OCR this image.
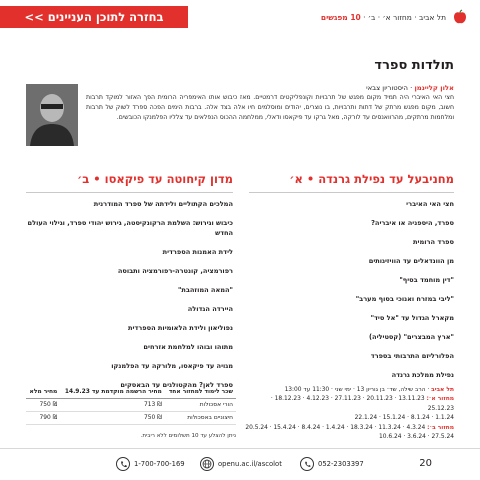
בחזרה לתוכן העניינים >>	תל אביב · מחזור א׳ · ב׳ · 10 מפגשים
תולדות ספרד
אלון קליינמן · היסטוריון צבאי
חצי האי האיברי היה תמיד מקום מפגש של תרבויות וקונפליקטים דרמטיים. מאז כיבוש אותו האימפריה הרומית הפך האזור למוקד תרבות חשוב, מקום מפגש מרתק של דתות ותרבויות, בו נוצרים, יהודים ומוסלמים חיו אלה בצד אלה. ברבות הימים הפכה ספרד לשוק של תרבות ומלחמות מרתקים, מהרוואנסים עד לורקה, מאל גרקו עד פיקאסו ודאלי, ממלחמה ההכוס הנפלאים עד צלליו הפלמנקו הכובשים.
מחניבעל עד נפילת גרנדה • א׳
חצי האי האיברי
ספרד, היספניה או איבריה?
ספרד הרומית
מן הוונדאלים עד הוויזיגותים
"דין מוחמד בסיף"
"ליבי במזרח ואנוכי בסוף מערב"
מקארל הגדול עד "אל סיד"
"ארץ המבצרים" (קסטיליה)
הפלורליזם התרבותי בספרד
נפילת ממלכת גרנדה
מדון קיחוטה עד פיקאסו • ב׳
המלכים הקתוליים ולידתה של ספרד המודרנית
כיבוש וגירוש: השלמת הרקונקיסטה, גירוש יהודי ספרד, וגילוי העולם החדש
לידת האמנות הספרדית
רפורמציה, קונטרה-רפורמציה ותבוסה
"המאה המוזהבת"
היירדה הגדולה
נפוליאון ולידת הלאומיות הספרדית
מתוהו ובוהו למלחמת אזרחים
מגויה עד פיקאסו, מלורקה עד הפלמנקו
ספרד לאן? מהקטולגים עד הבאסקים
תל אביב · הרב שילה, שד׳ בן גוריון 13 · ימי שני · 11:30 עד 13:00
מחזור א׳: 13.11.23 · 20.11.23 · 27.11.23 · 4.12.23 · 18.12.23 · 25.12.23
1.1.24 · 8.1.24 · 15.1.24 · 22.1.24
מחזור ב׳: 4.3.24 · 11.3.24 · 18.3.24 · 1.4.24 · 8.4.24 · 15.4.24 · 20.5.24
27.5.24 · 3.6.24 · 10.6.24
שכר לימוד למחזור אחד	מחיר הרשמה מוקדמת עד 14.9.23	מחיר מלא
הורי אסכולות	713 ₪	750 ₪
חיצוניים באסכולות	750 ₪	790 ₪
ניתן להצלע עד 10 תשלומים ללא ריבית.
20
052-2303397
openu.ac.il/ascolot
1-700-700-169
